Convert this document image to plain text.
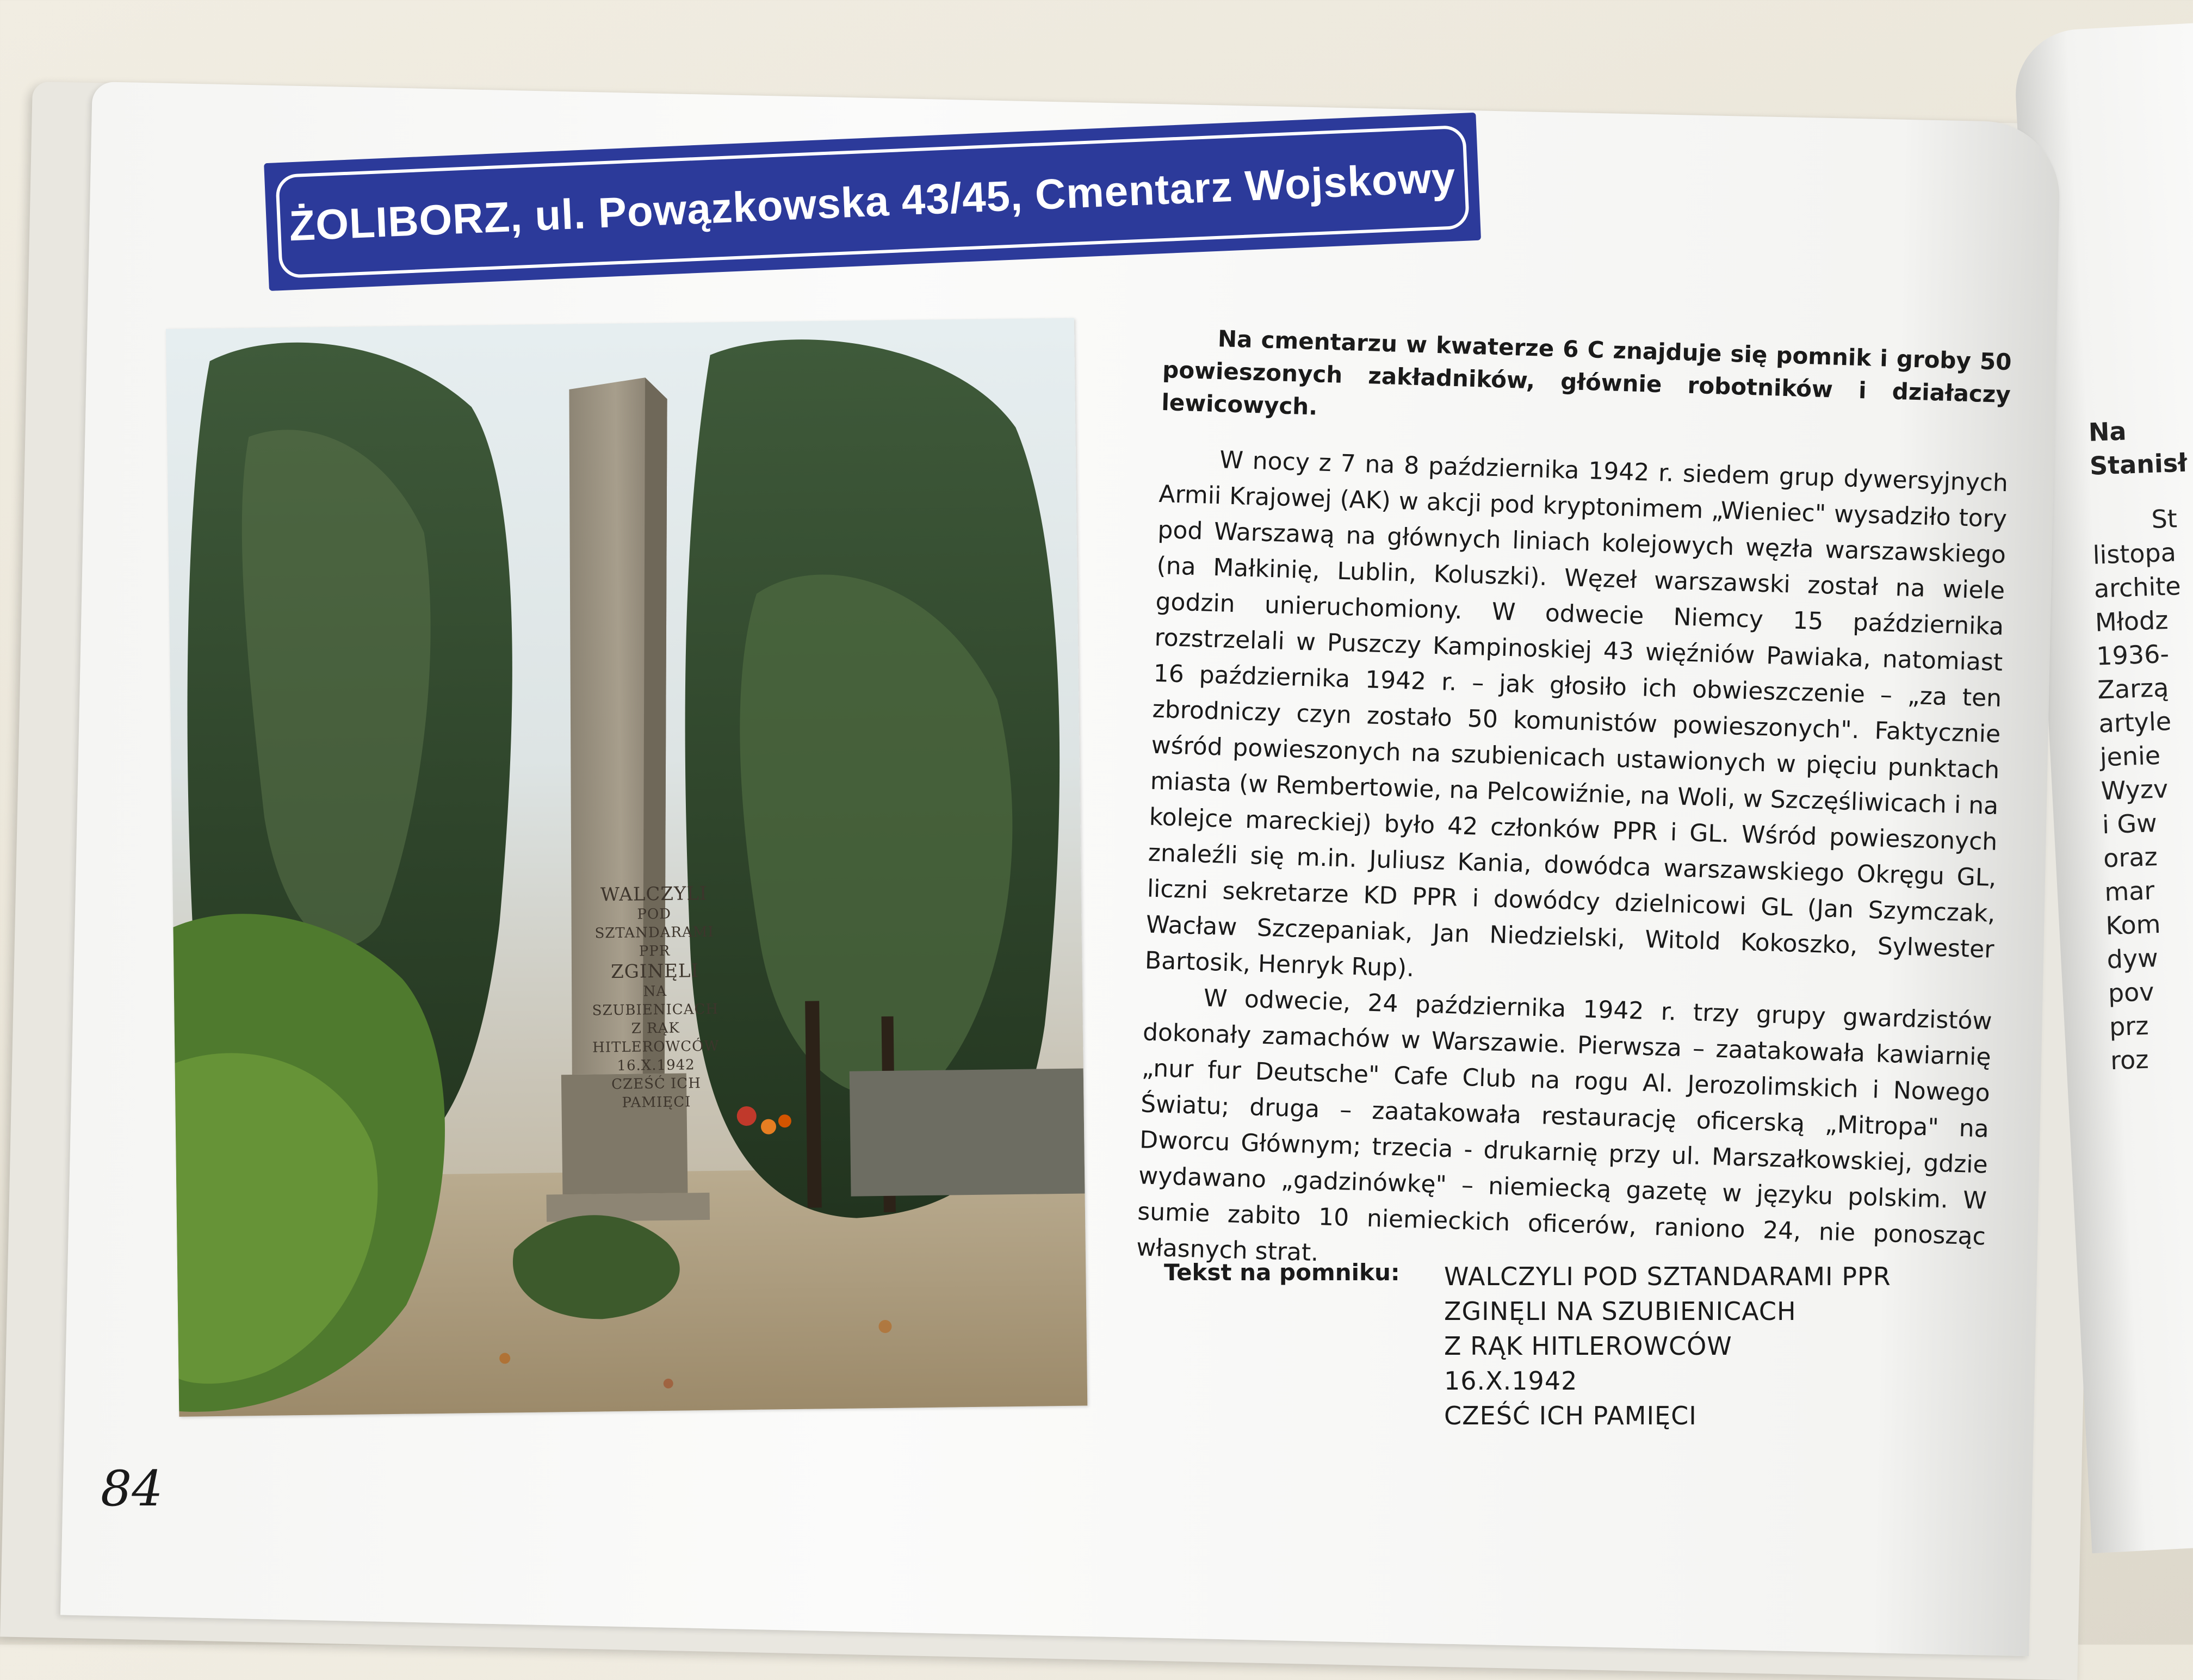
Na
Stanisł
St
listopa
archite
Młodz
1936-
Zarzą
artyle
jenie
Wyzv
i Gw
oraz
mar
Kom
dyw
pov
prz
roz
ŻOLIBORZ, ul. Powązkowska 43/45, Cmentarz Wojskowy
WALCZYLI
POD
SZTANDARAMI
PPR
ZGINĘLI
NA SZUBIENICACH
Z RĄK
HITLEROWCÓW
16.X.1942
CZEŚĆ ICH PAMIĘCI

Na cmentarzu w kwaterze 6 C znajduje się pomnik i groby 50 powieszonych zakładników, głównie robotników i działaczy lewicowych.

W nocy z 7 na 8 października 1942 r. siedem grup dywersyjnych Armii Krajowej (AK) w akcji pod kryptonimem „Wieniec" wysadziło tory pod Warszawą na głównych liniach kolejowych węzła warszawskiego (na Małkinię, Lublin, Koluszki). Węzeł warszawski został na wiele godzin unieruchomiony. W odwecie Niemcy 15 października rozstrzelali w Puszczy Kampinoskiej 43 więźniów Pawiaka, natomiast 16 października 1942 r. – jak głosiło ich obwieszczenie – „za ten zbrodniczy czyn zostało 50 komunistów powieszonych". Faktycznie wśród powieszonych na szubienicach ustawionych w pięciu punktach miasta (w Rembertowie, na Pelcowiźnie, na Woli, w Szczęśliwicach i na kolejce mareckiej) było 42 członków PPR i GL. Wśród powieszonych znaleźli się m.in. Juliusz Kania, dowódca warszawskiego Okręgu GL, liczni sekretarze KD PPR i dowódcy dzielnicowi GL (Jan Szymczak, Wacław Szczepaniak, Jan Niedzielski, Witold Kokoszko, Sylwester Bartosik, Henryk Rup).

W odwecie, 24 października 1942 r. trzy grupy gwardzistów dokonały zamachów w Warszawie. Pierwsza – zaatakowała kawiarnię „nur fur Deutsche" Cafe Club na rogu Al. Jerozolimskich i Nowego Światu; druga – zaatakowała restaurację oficerską „Mitropa" na Dworcu Głównym; trzecia - drukarnię przy ul. Marszałkowskiej, gdzie wydawano „gadzinówkę" – niemiecką gazetę w języku polskim. W sumie zabito 10 niemieckich oficerów, raniono 24, nie ponosząc własnych strat.

Tekst na pomniku: WALCZYLI POD SZTANDARAMI PPR
ZGINĘLI NA SZUBIENICACH
Z RĄK HITLEROWCÓW
16.X.1942
CZEŚĆ ICH PAMIĘCI
84
